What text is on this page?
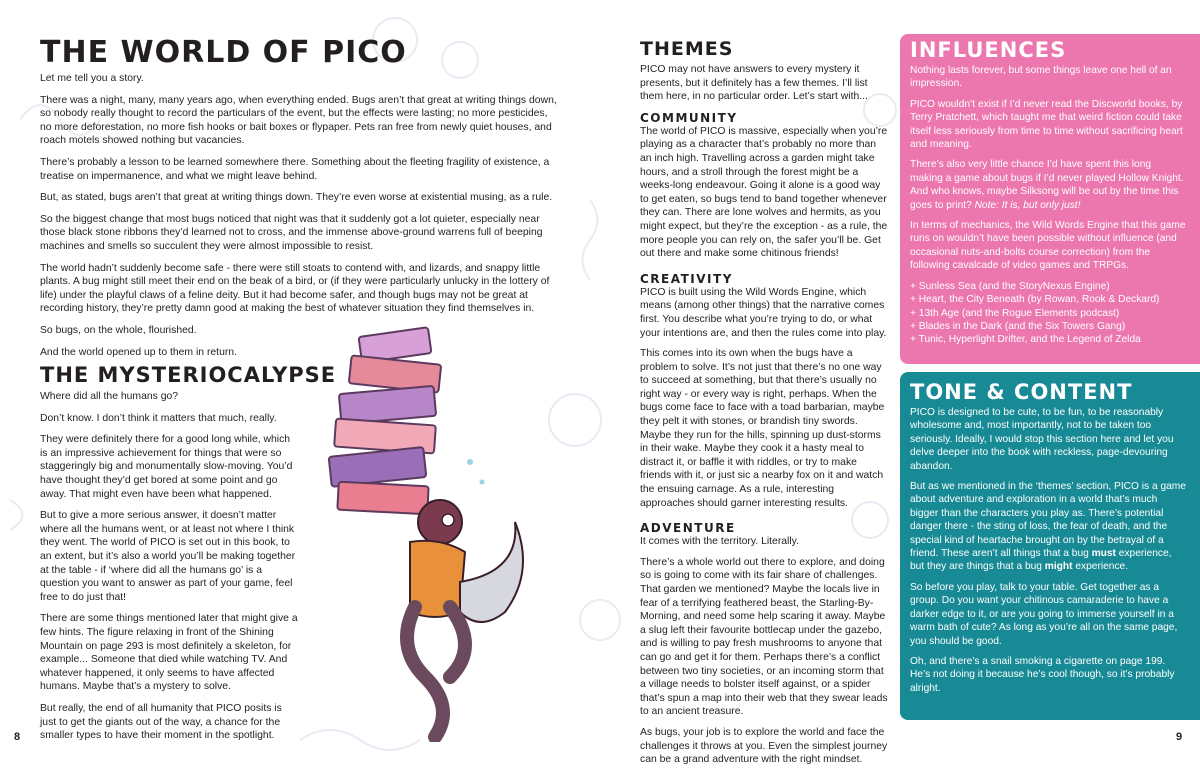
THE WORLD OF PICO

Let me tell you a story.

There was a night, many, many years ago, when everything ended. Bugs aren’t that great at writing things down, so nobody really thought to record the particulars of the event, but the effects were lasting; no more pesticides, no more deforestation, no more fish hooks or bait boxes or flypaper. Pets ran free from newly quiet houses, and roach motels showed nothing but vacancies.

There’s probably a lesson to be learned somewhere there. Something about the fleeting fragility of existence, a treatise on impermanence, and what we might leave behind.

But, as stated, bugs aren’t that great at writing things down. They’re even worse at existential musing, as a rule.

So the biggest change that most bugs noticed that night was that it suddenly got a lot quieter, especially near those black stone ribbons they’d learned not to cross, and the immense above-ground warrens full of beeping machines and smells so succulent they were almost impossible to resist.

The world hadn’t suddenly become safe - there were still stoats to contend with, and lizards, and snappy little plants. A bug might still meet their end on the beak of a bird, or (if they were particularly unlucky in the lottery of life) under the playful claws of a feline deity. But it had become safer, and though bugs may not be great at recording history, they’re pretty damn good at making the best of whatever situation they find themselves in.

So bugs, on the whole, flourished.

And the world opened up to them in return.

THE MYSTERIOCALYPSE

Where did all the humans go?

Don’t know. I don’t think it matters that much, really.

They were definitely there for a good long while, which is an impressive achievement for things that were so staggeringly big and monumentally slow-moving. You’d have thought they’d get bored at some point and go away. That might even have been what happened.

But to give a more serious answer, it doesn’t matter where all the humans went, or at least not where I think they went. The world of PICO is set out in this book, to an extent, but it’s also a world you’ll be making together at the table - if ‘where did all the humans go’ is a question you want to answer as part of your game, feel free to do just that!

There are some things mentioned later that might give a few hints. The figure relaxing in front of the Shining Mountain on page 293 is most definitely a skeleton, for example... Someone that died while watching TV. And whatever happened, it only seems to have affected humans. Maybe that’s a mystery to solve.

But really, the end of all humanity that PICO posits is just to get the giants out of the way, a chance for the smaller types to have their moment in the spotlight.

8
THEMES

PICO may not have answers to every mystery it presents, but it definitely has a few themes. I’ll list them here, in no particular order. Let’s start with...

COMMUNITY

The world of PICO is massive, especially when you’re playing as a character that’s probably no more than an inch high. Travelling across a garden might take hours, and a stroll through the forest might be a weeks-long endeavour. Going it alone is a good way to get eaten, so bugs tend to band together whenever they can. There are lone wolves and hermits, as you might expect, but they’re the exception - as a rule, the more people you can rely on, the safer you’ll be. Get out there and make some chitinous friends!

CREATIVITY

PICO is built using the Wild Words Engine, which means (among other things) that the narrative comes first. You describe what you’re trying to do, or what your intentions are, and then the rules come into play.

This comes into its own when the bugs have a problem to solve. It’s not just that there’s no one way to succeed at something, but that there’s usually no right way - or every way is right, perhaps. When the bugs come face to face with a toad barbarian, maybe they pelt it with stones, or brandish tiny swords. Maybe they run for the hills, spinning up dust-storms in their wake. Maybe they cook it a hasty meal to distract it, or baffle it with riddles, or try to make friends with it, or just sic a nearby fox on it and watch the ensuing carnage. As a rule, interesting approaches should garner interesting results.

ADVENTURE

It comes with the territory. Literally.

There’s a whole world out there to explore, and doing so is going to come with its fair share of challenges. That garden we mentioned? Maybe the locals live in fear of a terrifying feathered beast, the Starling-By-Morning, and need some help scaring it away. Maybe a slug left their favourite bottlecap under the gazebo, and is willing to pay fresh mushrooms to anyone that can go and get it for them. Perhaps there’s a conflict between two tiny societies, or an incoming storm that a village needs to bolster itself against, or a spider that’s spun a map into their web that they swear leads to an ancient treasure.

As bugs, your job is to explore the world and face the challenges it throws at you. Even the simplest journey can be a grand adventure with the right mindset.

INFLUENCES

Nothing lasts forever, but some things leave one hell of an impression.

PICO wouldn’t exist if I’d never read the Discworld books, by Terry Pratchett, which taught me that weird fiction could take itself less seriously from time to time without sacrificing heart and meaning.

There’s also very little chance I’d have spent this long making a game about bugs if I’d never played Hollow Knight. And who knows, maybe Silksong will be out by the time this goes to print? Note: It is, but only just!

In terms of mechanics, the Wild Words Engine that this game runs on wouldn’t have been possible without influence (and occasional nuts-and-bolts course correction) from the following cavalcade of video games and TRPGs.

+ Sunless Sea (and the StoryNexus Engine)
+ Heart, the City Beneath (by Rowan, Rook & Deckard)
+ 13th Age (and the Rogue Elements podcast)
+ Blades in the Dark (and the Six Towers Gang)
+ Tunic, Hyperlight Drifter, and the Legend of Zelda
TONE & CONTENT

PICO is designed to be cute, to be fun, to be reasonably wholesome and, most importantly, not to be taken too seriously. Ideally, I would stop this section here and let you delve deeper into the book with reckless, page-devouring abandon.

But as we mentioned in the ‘themes’ section, PICO is a game about adventure and exploration in a world that’s much bigger than the characters you play as. There’s potential danger there - the sting of loss, the fear of death, and the special kind of heartache brought on by the betrayal of a friend. These aren’t all things that a bug must experience, but they are things that a bug might experience.

So before you play, talk to your table. Get together as a group. Do you want your chitinous camaraderie to have a darker edge to it, or are you going to immerse yourself in a warm bath of cute? As long as you’re all on the same page, you should be good.

Oh, and there’s a snail smoking a cigarette on page 199. He’s not doing it because he’s cool though, so it’s probably alright.

9
